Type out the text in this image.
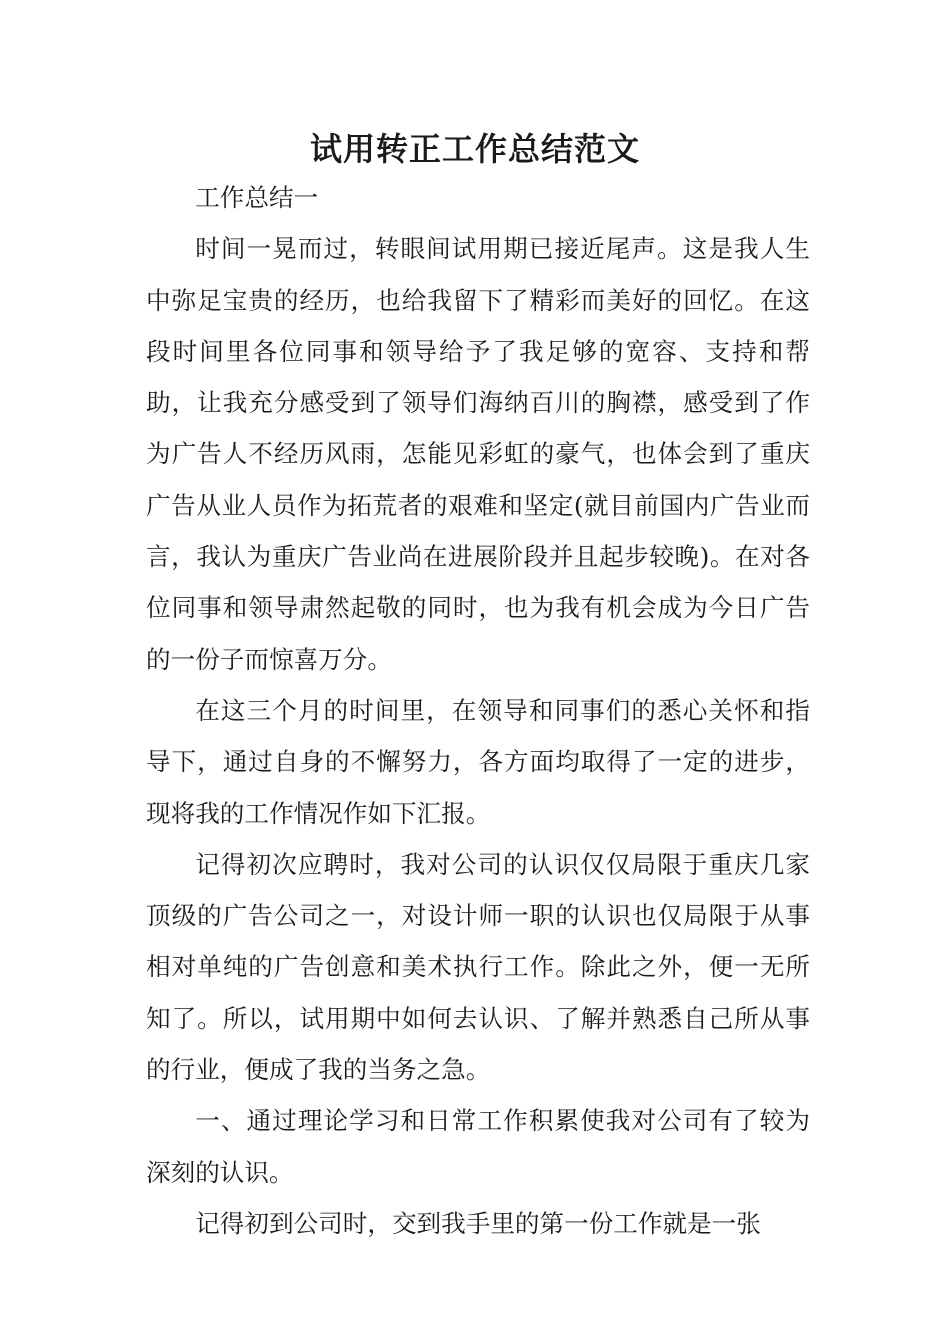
试用转正工作总结范文

工作总结一

时间一晃而过，转眼间试用期已接近尾声。这是我人生中弥足宝贵的经历，也给我留下了精彩而美好的回忆。在这段时间里各位同事和领导给予了我足够的宽容、支持和帮助，让我充分感受到了领导们海纳百川的胸襟，感受到了作为广告人不经历风雨，怎能见彩虹的豪气，也体会到了重庆广告从业人员作为拓荒者的艰难和坚定(就目前国内广告业而言，我认为重庆广告业尚在进展阶段并且起步较晚)。在对各位同事和领导肃然起敬的同时，也为我有机会成为今日广告的一份子而惊喜万分。

在这三个月的时间里，在领导和同事们的悉心关怀和指导下，通过自身的不懈努力，各方面均取得了一定的进步，现将我的工作情况作如下汇报。

记得初次应聘时，我对公司的认识仅仅局限于重庆几家顶级的广告公司之一，对设计师一职的认识也仅局限于从事相对单纯的广告创意和美术执行工作。除此之外，便一无所知了。所以，试用期中如何去认识、了解并熟悉自己所从事的行业，便成了我的当务之急。

一、通过理论学习和日常工作积累使我对公司有了较为深刻的认识。

记得初到公司时，交到我手里的第一份工作就是一张
